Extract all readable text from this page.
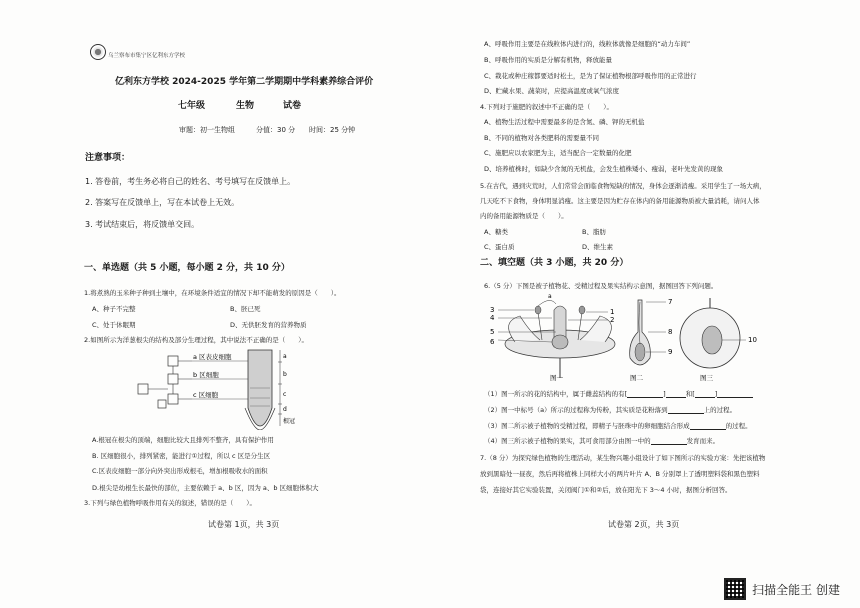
乌兰察布市集宁区亿利东方学校
亿利东方学校 2024-2025 学年第二学期期中学科素养综合评价
七年级	生物	试卷
审题：初一生物组	分值：30 分 时间：25 分钟
注意事项：
1. 答卷前，考生务必将自己的姓名、考号填写在反馈单上。
2. 答案写在反馈单上，写在本试卷上无效。
3. 考试结束后，将反馈单交回。
一、单选题（共 5 小题，每小题 2 分，共 10 分）
1.将煮熟的玉米种子种到土壤中，在环境条件适宜的情况下却不能萌发的原因是（　　）。
A、种子不完整	B、胚已死
C、处于休眠期	D、无供胚发育的营养物质
2.如图所示为洋葱根尖的结构及部分生理过程，其中说法不正确的是（　　）。
a 区表皮细胞
b 区细胞
c 区细胞
a
b
c
d
根冠
A.根冠在根尖的顶端，细胞比较大且排列不整齐，具有保护作用
B. 区细胞很小，排列紧密，能进行①过程，所以 c 区是分生区
C.区表皮细胞一部分向外突出形成根毛，增加根吸收水的面积
D.根尖是幼根生长最快的部位，主要依赖于 a、b 区，因为 a、b 区细胞体积大
3.下列与绿色植物呼吸作用有关的叙述，错误的是（　　）。
试卷第 1页，共 3页
A、呼吸作用主要是在线粒体内进行的，线粒体就像是细胞的“动力车间”
B、呼吸作用的实质是分解有机物，释放能量
C、栽花或种庄稼都要适时松土，是为了保证植物根部呼吸作用的正常进行
D、贮藏水果、蔬菜时，应提高温度或氧气浓度
4.下列对于施肥的叙述中不正确的是（　　）。
A、植物生活过程中需要最多的是含氮、磷、钾的无机盐
B、不同的植物对各类肥料的需要量不同
C、施肥应以农家肥为主，适当配合一定数量的化肥
D、培养植株时，如缺少含氮的无机盐，会发生植株矮小、瘦弱，老叶先发黄的现象
5.在古代，遇到灾荒时，人们常常会面临食物短缺的情况，身体会逐渐消瘦。采用学生了一场大病，
几天吃不下食物，身体明显消瘦。这主要是因为贮存在体内的备用能源物质被大量消耗，请问人体
内的备用能源物质是（　　）。
A、糖类	B、脂肪
C、蛋白质	D、维生素
二、填空题（共 3 小题，共 20 分）
6.（5 分）下图是被子植物花、受精过程及果实结构示意图，据图回答下列问题。
a
3
4
5
6
1
2
图一
7
8
9
图二
10
图三
（1）图一所示的花的结构中，属于雌蕊结构的有[	]	和[	]
（2）图一中标号（a）所示的过程称为传粉，其实质是花粉落到	上的过程。
（3）图二所示被子植物的受精过程，即精子与胚珠中的卵细胞结合形成	的过程。
（4）图三所示被子植物的果实，其可食用部分由图一中的	发育而来。
7.（8 分）为探究绿色植物的生理活动，某生物兴趣小组设计了如下图所示的实验方案：先把该植物
放到黑暗处一昼夜，然后再将植株上同样大小的两片叶片 A、B 分别罩上了透明塑料袋和黑色塑料
袋，连接好其它实验装置，关闭阀门①和②后，放在阳光下 3～4 小时，据图分析回答。
试卷第 2页，共 3页
扫描全能王 创建
